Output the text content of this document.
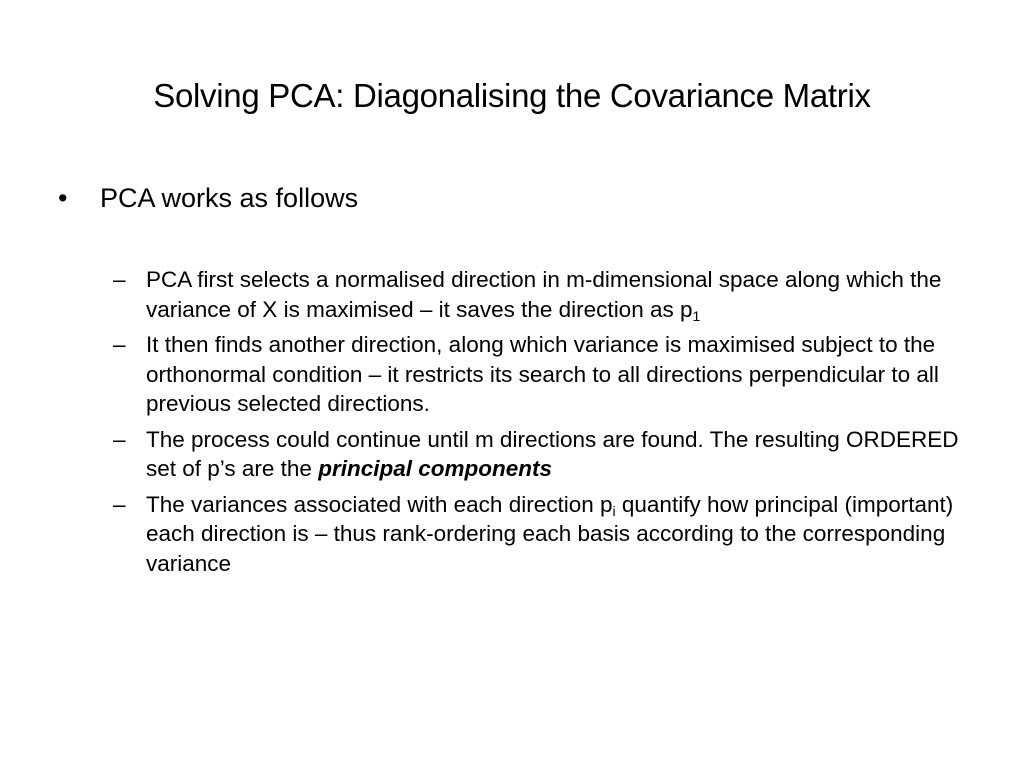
Solving PCA: Diagonalising the Covariance Matrix
•	PCA works as follows
– PCA first selects a normalised direction in m-dimensional space along which the variance of X is maximised – it saves the direction as $p_1$
– It then finds another direction, along which variance is maximised subject to the orthonormal condition – it restricts its search to all directions perpendicular to all previous selected directions.
– The process could continue until m directions are found. The resulting ORDERED set of p’s are the principal components
– The variances associated with each direction $p_i$ quantify how principal (important) each direction is – thus rank-ordering each basis according to the corresponding variance
